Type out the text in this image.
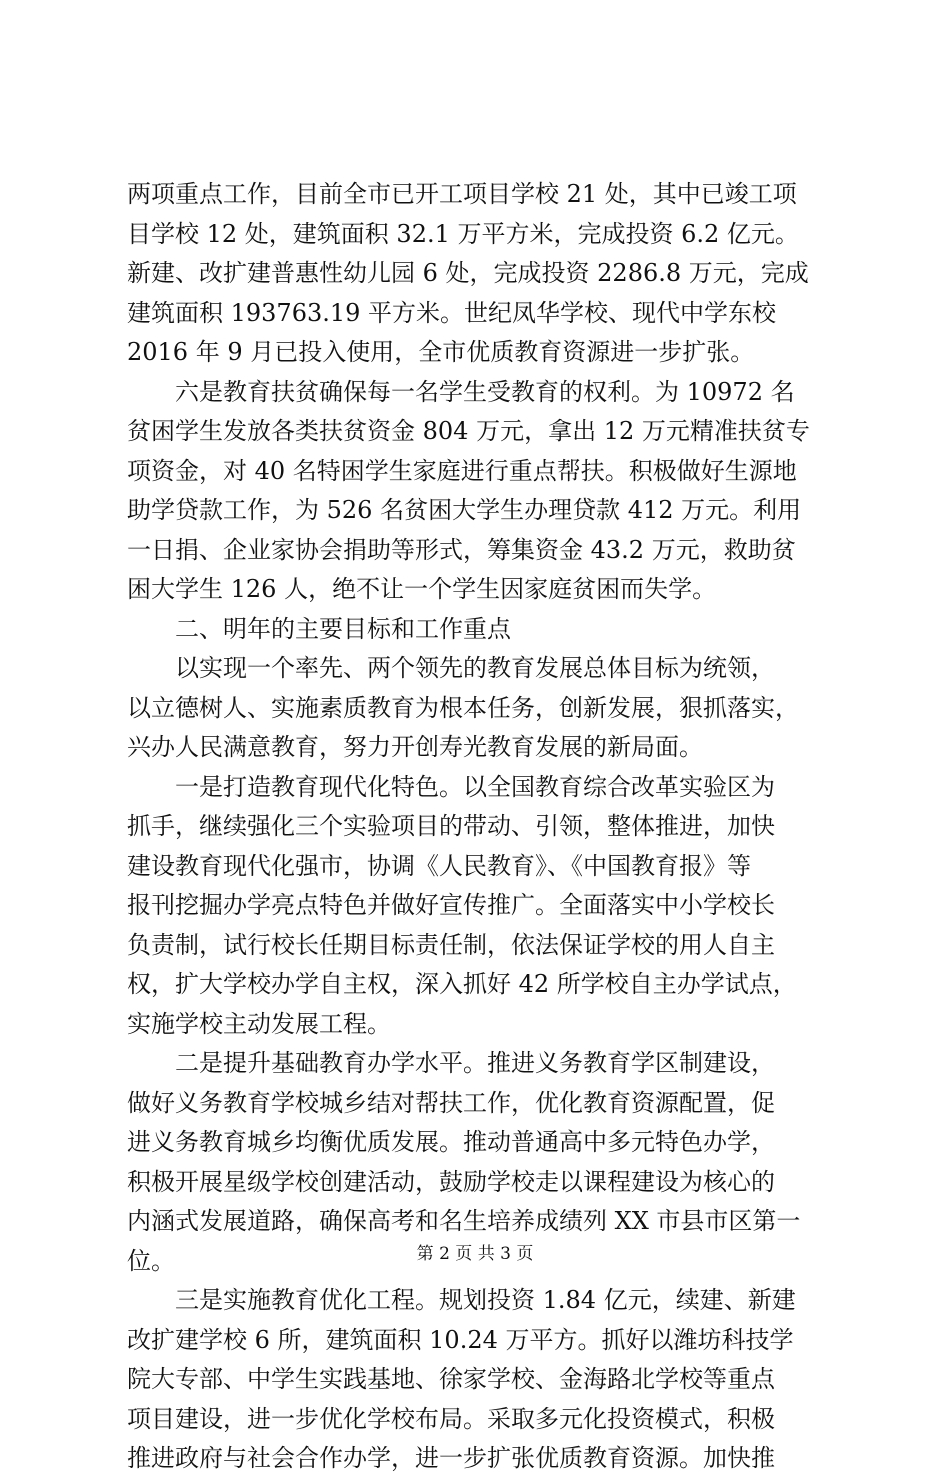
两项重点工作，目前全市已开工项目学校 21 处，其中已竣工项
目学校 12 处，建筑面积 32.1 万平方米，完成投资 6.2 亿元。
新建、改扩建普惠性幼儿园 6 处，完成投资 2286.8 万元，完成
建筑面积 193763.19 平方米。世纪凤华学校、现代中学东校
2016 年 9 月已投入使用，全市优质教育资源进一步扩张。
　　六是教育扶贫确保每一名学生受教育的权利。为 10972 名
贫困学生发放各类扶贫资金 804 万元，拿出 12 万元精准扶贫专
项资金，对 40 名特困学生家庭进行重点帮扶。积极做好生源地
助学贷款工作，为 526 名贫困大学生办理贷款 412 万元。利用
一日捐、企业家协会捐助等形式，筹集资金 43.2 万元，救助贫
困大学生 126 人，绝不让一个学生因家庭贫困而失学。
　　二、明年的主要目标和工作重点
　　以实现一个率先、两个领先的教育发展总体目标为统领，
以立德树人、实施素质教育为根本任务，创新发展，狠抓落实，
兴办人民满意教育，努力开创寿光教育发展的新局面。
　　一是打造教育现代化特色。以全国教育综合改革实验区为
抓手，继续强化三个实验项目的带动、引领，整体推进，加快
建设教育现代化强市，协调《人民教育》、《中国教育报》等
报刊挖掘办学亮点特色并做好宣传推广。全面落实中小学校长
负责制，试行校长任期目标责任制，依法保证学校的用人自主
权，扩大学校办学自主权，深入抓好 42 所学校自主办学试点，
实施学校主动发展工程。
　　二是提升基础教育办学水平。推进义务教育学区制建设，
做好义务教育学校城乡结对帮扶工作，优化教育资源配置，促
进义务教育城乡均衡优质发展。推动普通高中多元特色办学，
积极开展星级学校创建活动，鼓励学校走以课程建设为核心的
内涵式发展道路，确保高考和名生培养成绩列 XX 市县市区第一
位。
　　三是实施教育优化工程。规划投资 1.84 亿元，续建、新建
改扩建学校 6 所，建筑面积 10.24 万平方。抓好以潍坊科技学
院大专部、中学生实践基地、徐家学校、金海路北学校等重点
项目建设，进一步优化学校布局。采取多元化投资模式，积极
推进政府与社会合作办学，进一步扩张优质教育资源。加快推
第 2 页 共 3 页
